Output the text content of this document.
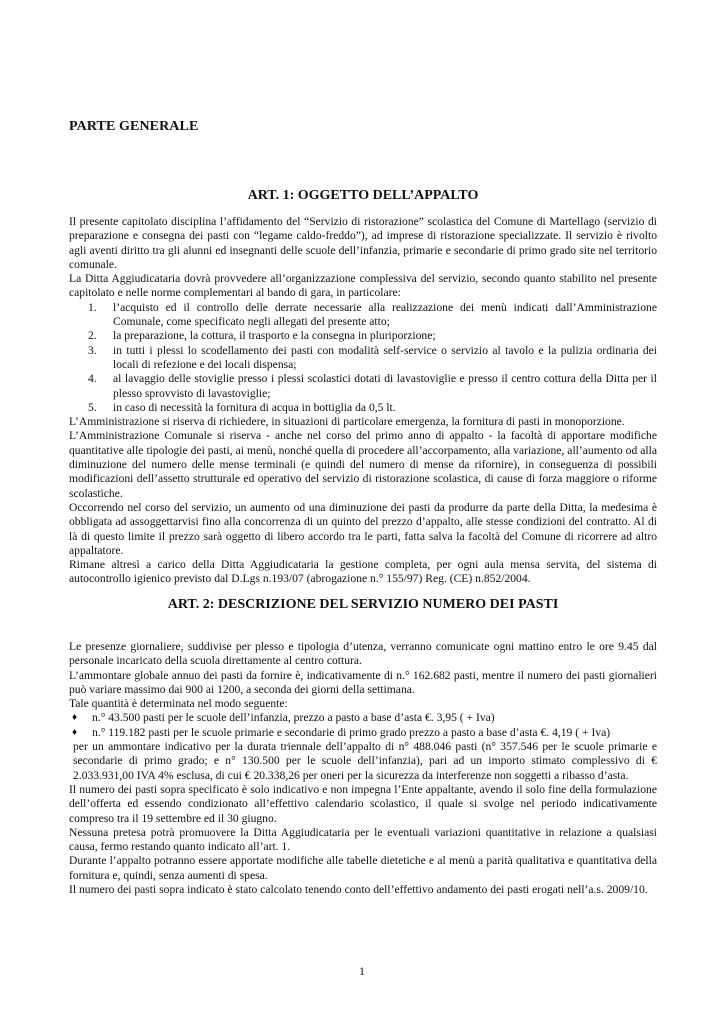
PARTE GENERALE
ART. 1: OGGETTO DELL’APPALTO

Il presente capitolato disciplina l’affidamento del “Servizio di ristorazione” scolastica del Comune di Martellago (servizio di preparazione e consegna dei pasti con “legame caldo-freddo”), ad imprese di ristorazione specializzate. Il servizio è rivolto agli aventi diritto tra gli alunni ed insegnanti delle scuole dell’infanzia, primarie e secondarie di primo grado site nel territorio comunale.

La Ditta Aggiudicataria dovrà provvedere all’organizzazione complessiva del servizio, secondo quanto stabilito nel presente capitolato e nelle norme complementari al bando di gara, in particolare:

1. l’acquisto ed il controllo delle derrate necessarie alla realizzazione dei menù indicati dall’Amministrazione Comunale, come specificato negli allegati del presente atto;
2. la preparazione, la cottura, il trasporto e la consegna in pluriporzione;
3. in tutti i plessi lo scodellamento dei pasti con modalità self-service o servizio al tavolo e la pulizia ordinaria dei locali di refezione e dei locali dispensa;
4. al lavaggio delle stoviglie presso i plessi scolastici dotati di lavastoviglie e presso il centro cottura della Ditta per il plesso sprovvisto di lavastoviglie;
5. in caso di necessità la fornitura di acqua in bottiglia da 0,5 lt.

L’Amministrazione si riserva di richiedere, in situazioni di particolare emergenza, la fornitura di pasti in monoporzione.

L’Amministrazione Comunale si riserva - anche nel corso del primo anno di appalto - la facoltà di apportare modifiche quantitative alle tipologie dei pasti, ai menù, nonché quella di procedere all’accorpamento, alla variazione, all’aumento od alla diminuzione del numero delle mense terminali (e quindi del numero di mense da rifornire), in conseguenza di possibili modificazioni dell’assetto strutturale ed operativo del servizio di ristorazione scolastica, di cause di forza maggiore o riforme scolastiche.

Occorrendo nel corso del servizio, un aumento od una diminuzione dei pasti da produrre da parte della Ditta, la medesima è obbligata ad assoggettarvisi fino alla concorrenza di un quinto del prezzo d’appalto, alle stesse condizioni del contratto. Al di là di questo limite il prezzo sarà oggetto di libero accordo tra le parti, fatta salva la facoltà del Comune di ricorrere ad altro appaltatore.

Rimane altresì a carico della Ditta Aggiudicataria la gestione completa, per ogni aula mensa servita, del sistema di autocontrollo igienico previsto dal D.Lgs n.193/07 (abrogazione n.° 155/97) Reg. (CE) n.852/2004.

ART. 2: DESCRIZIONE DEL SERVIZIO NUMERO DEI PASTI

Le presenze giornaliere, suddivise per plesso e tipologia d’utenza, verranno comunicate ogni mattino entro le ore 9.45 dal personale incaricato della scuola direttamente al centro cottura.

L’ammontare globale annuo dei pasti da fornire è, indicativamente di n.° 162.682 pasti, mentre il numero dei pasti giornalieri può variare massimo dai 900 ai 1200, a seconda dei giorni della settimana.

Tale quantità è determinata nel modo seguente:

♦ n.° 43.500 pasti per le scuole dell’infanzia, prezzo a pasto a base d’asta €. 3,95 ( + Iva)
♦ n.° 119.182 pasti per le scuole primarie e secondarie di primo grado prezzo a pasto a base d’asta €. 4,19 ( + Iva)

per un ammontare indicativo per la durata triennale dell’appalto di n° 488.046 pasti (n° 357.546 per le scuole primarie e secondarie di primo grado; e n° 130.500 per le scuole dell’infanzia), pari ad un importo stimato complessivo di € 2.033.931,00 IVA 4% esclusa, di cui € 20.338,26 per oneri per la sicurezza da interferenze non soggetti a ribasso d’asta.

Il numero dei pasti sopra specificato è solo indicativo e non impegna l’Ente appaltante, avendo il solo fine della formulazione dell’offerta ed essendo condizionato all’effettivo calendario scolastico, il quale si svolge nel periodo indicativamente compreso tra il 19 settembre ed il 30 giugno.

Nessuna pretesa potrà promuovere la Ditta Aggiudicataria per le eventuali variazioni quantitative in relazione a qualsiasi causa, fermo restando quanto indicato all’art. 1.

Durante l’appalto potranno essere apportate modifiche alle tabelle dietetiche e al menù a parità qualitativa e quantitativa della fornitura e, quindi, senza aumenti di spesa.

Il numero dei pasti sopra indicato è stato calcolato tenendo conto dell’effettivo andamento dei pasti erogati nell’a.s. 2009/10.

1
